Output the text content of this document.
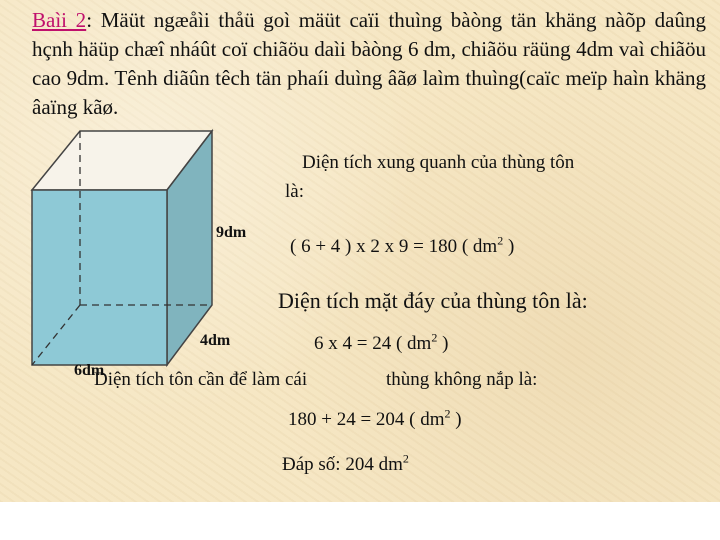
Baìi 2: Mäüt ngæåìi thåü goì mäüt caïi thuìng bàòng tän khäng nàõp daûng hçnh häüp chæî nháût coï chiãöu daìi bàòng 6 dm, chiãöu räüng 4dm vaì chiãöu cao 9dm. Tênh diãûn têch tän phaíi duìng âãø laìm thuìng(caïc meïp haìn khäng âaïng kãø.

9dm
4dm
6dm
Diện tích xung quanh của thùng tôn
là:
( 6 + 4 ) x 2 x 9 = 180 ( $dm^2$ )
Diện tích mặt đáy của thùng tôn là:
6 x 4 = 24 ( $dm^2$ )
Diện tích tôn cần để làm cái	thùng không nắp là:
180 + 24 = 204 ( $dm^2$ )
Đáp số: 204 $dm^2$
